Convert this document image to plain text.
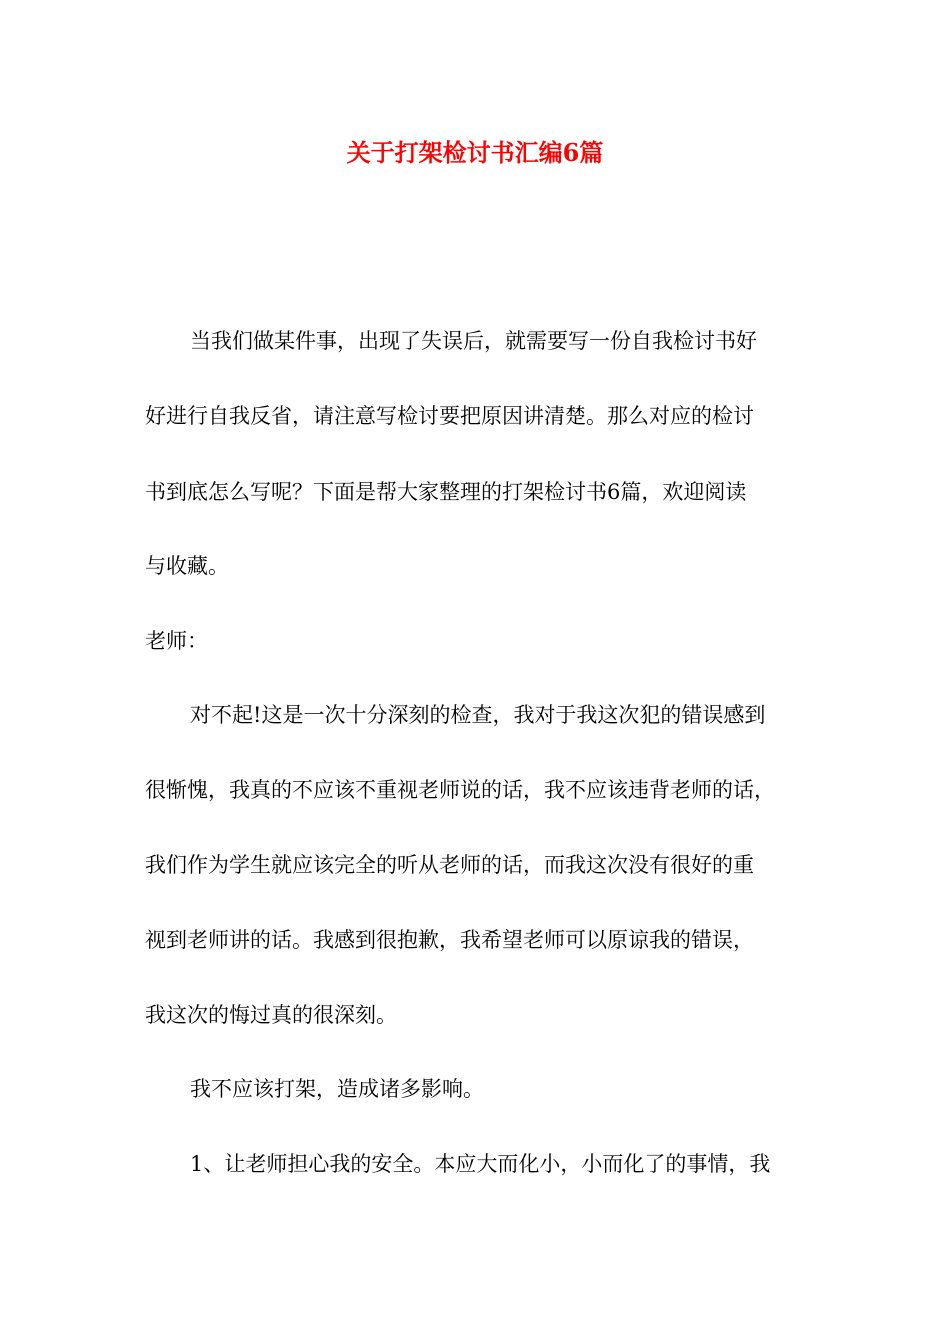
关于打架检讨书汇编6篇

当我们做某件事，出现了失误后，就需要写一份自我检讨书好

好进行自我反省，请注意写检讨要把原因讲清楚。那么对应的检讨

书到底怎么写呢？下面是帮大家整理的打架检讨书6篇，欢迎阅读

与收藏。

老师：

对不起!这是一次十分深刻的检查，我对于我这次犯的错误感到

很惭愧，我真的不应该不重视老师说的话，我不应该违背老师的话，

我们作为学生就应该完全的听从老师的话，而我这次没有很好的重

视到老师讲的话。我感到很抱歉，我希望老师可以原谅我的错误，

我这次的悔过真的很深刻。

我不应该打架，造成诸多影响。

1、让老师担心我的安全。本应大而化小，小而化了的事情，我
